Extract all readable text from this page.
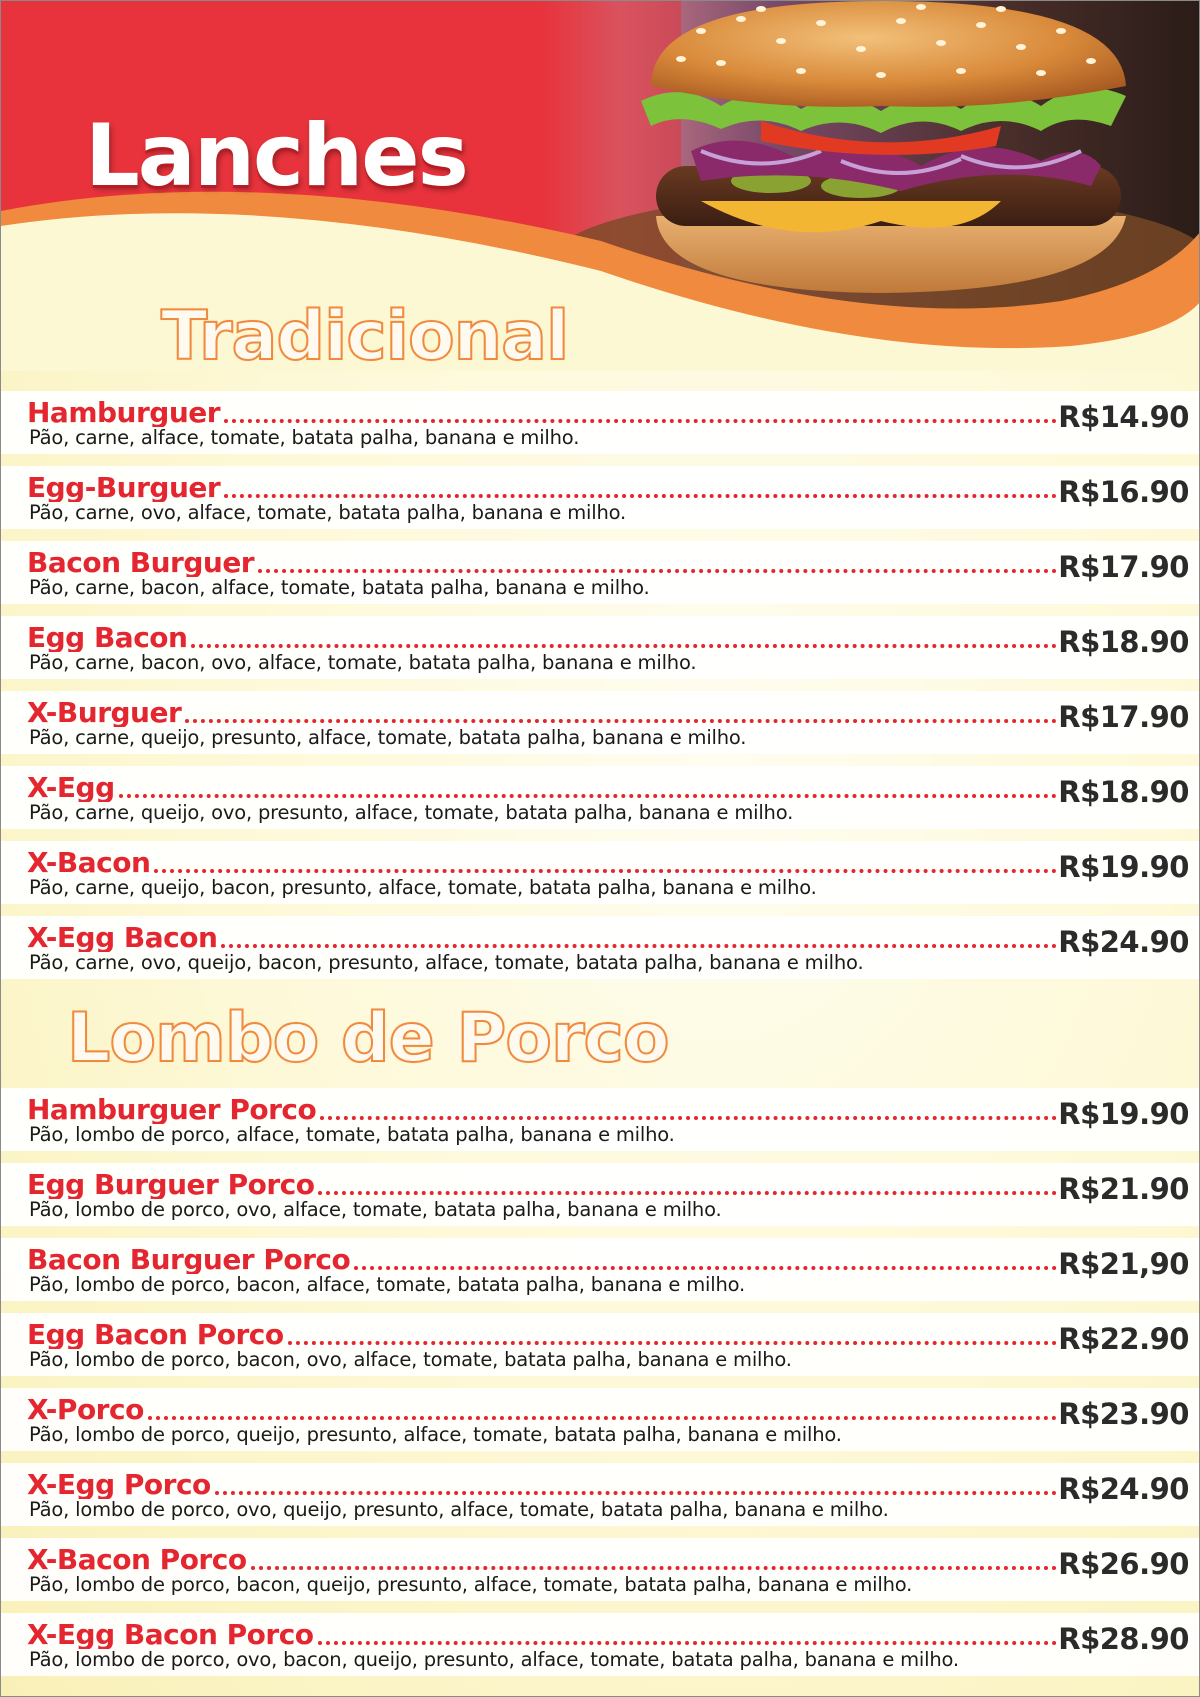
Lanches
Tradicional
Hamburguer
Pão, carne, alface, tomate, batata palha, banana e milho.
R$14.90
Egg-Burguer
Pão, carne, ovo, alface, tomate, batata palha, banana e milho.
R$16.90
Bacon Burguer
Pão, carne, bacon, alface, tomate, batata palha, banana e milho.
R$17.90
Egg Bacon
Pão, carne, bacon, ovo, alface, tomate, batata palha, banana e milho.
R$18.90
X-Burguer
Pão, carne, queijo, presunto, alface, tomate, batata palha, banana e milho.
R$17.90
X-Egg
Pão, carne, queijo, ovo, presunto, alface, tomate, batata palha, banana e milho.
R$18.90
X-Bacon
Pão, carne, queijo, bacon, presunto, alface, tomate, batata palha, banana e milho.
R$19.90
X-Egg Bacon
Pão, carne, ovo, queijo, bacon, presunto, alface, tomate, batata palha, banana e milho.
R$24.90
Lombo de Porco
Hamburguer Porco
Pão, lombo de porco, alface, tomate, batata palha, banana e milho.
R$19.90
Egg Burguer Porco
Pão, lombo de porco, ovo, alface, tomate, batata palha, banana e milho.
R$21.90
Bacon Burguer Porco
Pão, lombo de porco, bacon, alface, tomate, batata palha, banana e milho.
R$21,90
Egg Bacon Porco
Pão, lombo de porco, bacon, ovo, alface, tomate, batata palha, banana e milho.
R$22.90
X-Porco
Pão, lombo de porco, queijo, presunto, alface, tomate, batata palha, banana e milho.
R$23.90
X-Egg Porco
Pão, lombo de porco, ovo, queijo, presunto, alface, tomate, batata palha, banana e milho.
R$24.90
X-Bacon Porco
Pão, lombo de porco, bacon, queijo, presunto, alface, tomate, batata palha, banana e milho.
R$26.90
X-Egg Bacon Porco
Pão, lombo de porco, ovo, bacon, queijo, presunto, alface, tomate, batata palha, banana e milho.
R$28.90
